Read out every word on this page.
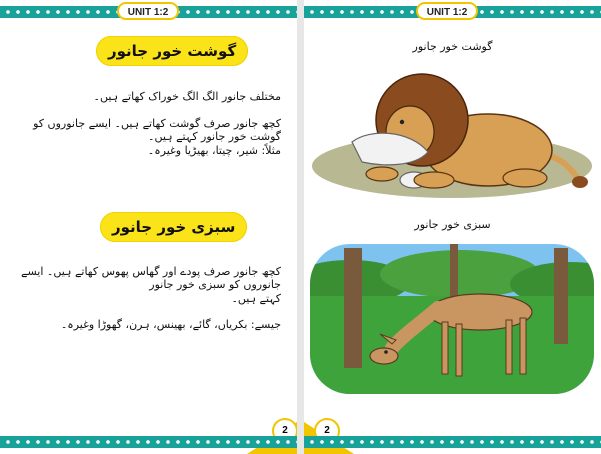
UNIT 1:2
گوشت خور جانور
مختلف جانور الگ الگ خوراک کھاتے ہیں۔
کچھ جانور صرف گوشت کھاتے ہیں۔ ایسے جانوروں کو گوشت خور جانور کہتے ہیں۔
مثلاً: شیر، چیتا، بھیڑیا وغیرہ۔
سبزی خور جانور
کچھ جانور صرف پودے اور گھاس پھوس کھاتے ہیں۔ ایسے جانوروں کو سبزی خور جانور
کہتے ہیں۔
جیسے: بکریاں، گائے، بھینس، ہرن، گھوڑا وغیرہ۔
2
UNIT 1:2
گوشت خور جانور
سبزی خور جانور
2
